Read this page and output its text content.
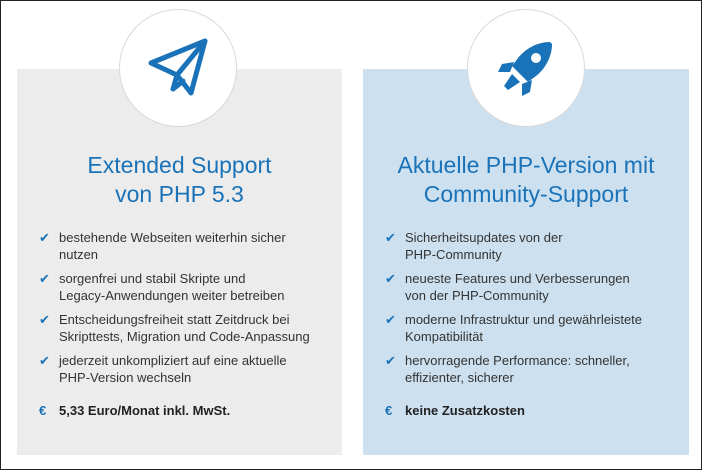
Extended Support
von PHP 5.3
✔ bestehende Webseiten weiterhin sicher
nutzen
✔ sorgenfrei und stabil Skripte und
Legacy-Anwendungen weiter betreiben
✔ Entscheidungsfreiheit statt Zeitdruck bei
Skripttests, Migration und Code-Anpassung
✔ jederzeit unkompliziert auf eine aktuelle
PHP-Version wechseln
€ 5,33 Euro/Monat inkl. MwSt.
Aktuelle PHP-Version mit
Community-Support
✔ Sicherheitsupdates von der
PHP-Community
✔ neueste Features und Verbesserungen
von der PHP-Community
✔ moderne Infrastruktur und gewährleistete
Kompatibilität
✔ hervorragende Performance: schneller,
effizienter, sicherer
€ keine Zusatzkosten
